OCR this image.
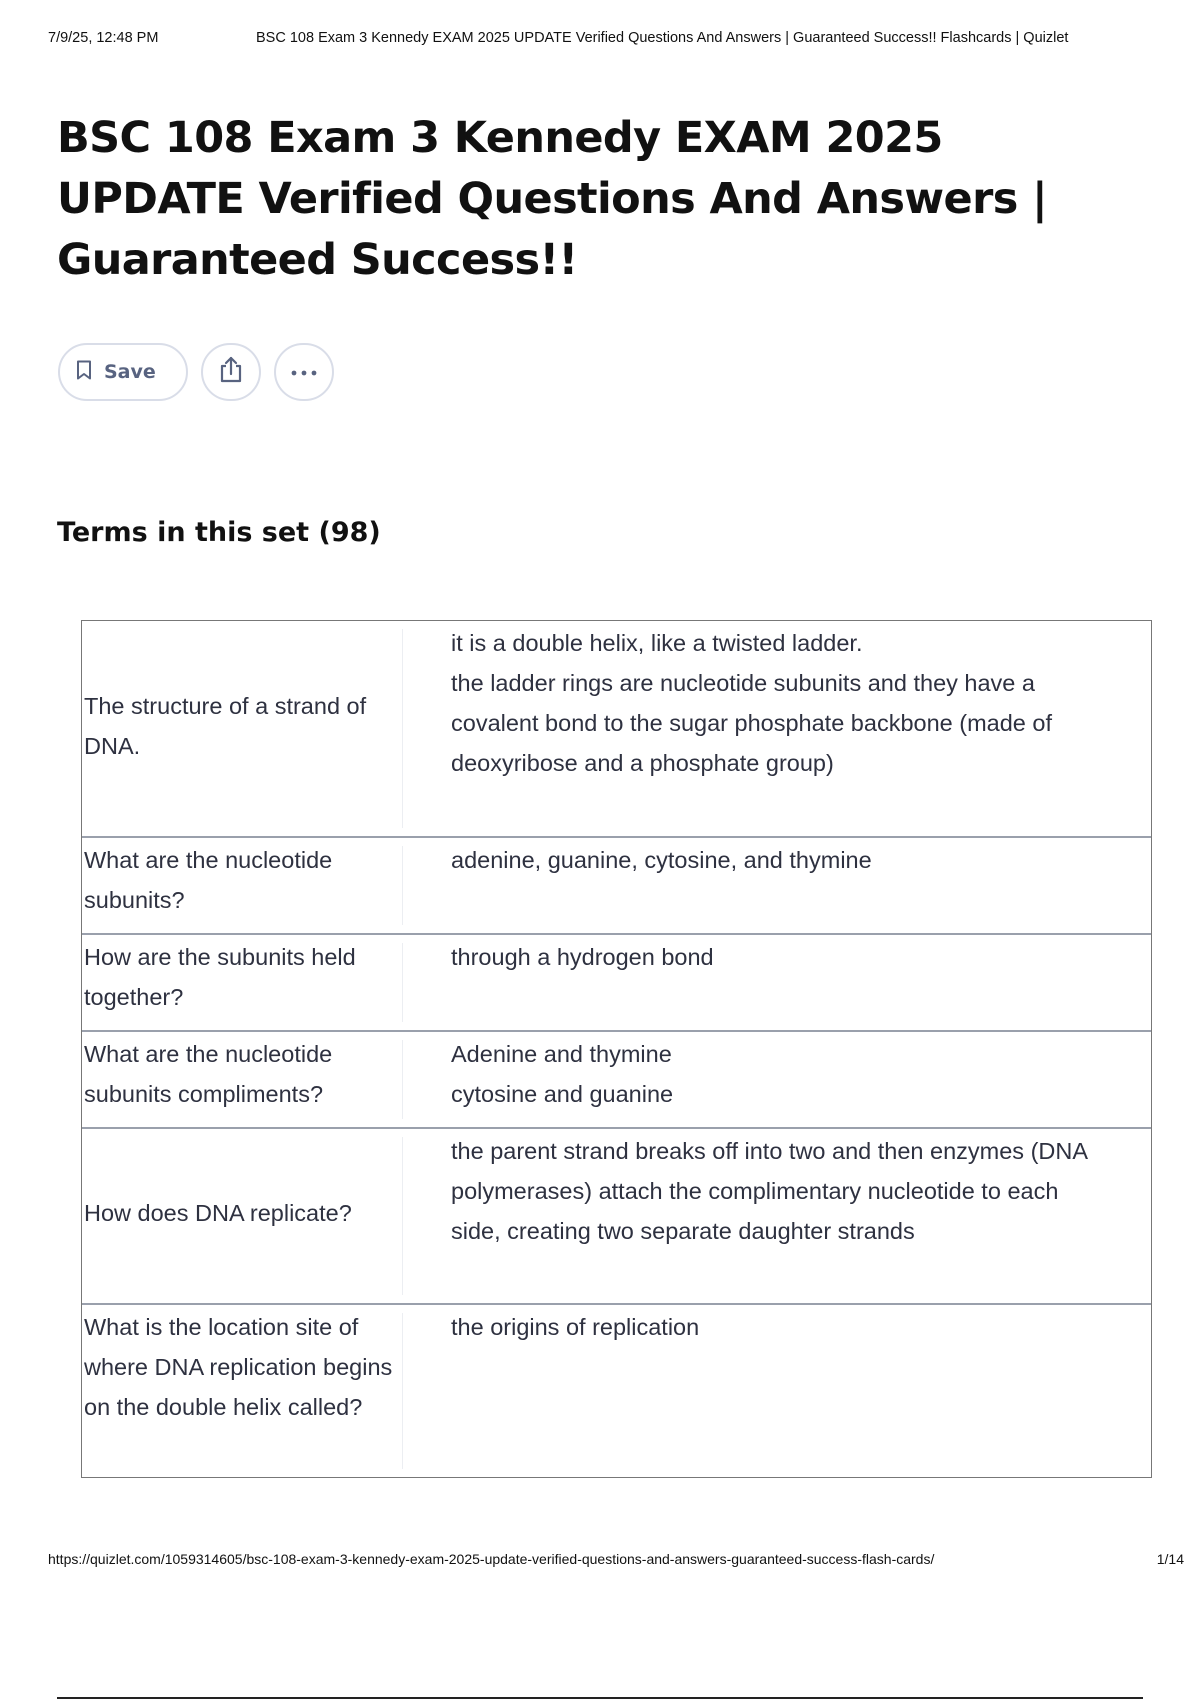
7/9/25, 12:48 PM	BSC 108 Exam 3 Kennedy EXAM 2025 UPDATE Verified Questions And Answers | Guaranteed Success!! Flashcards | Quizlet
BSC 108 Exam 3 Kennedy EXAM 2025 UPDATE Verified Questions And Answers | Guaranteed Success!!
Save
Terms in this set (98)
The structure of a strand of DNA.
it is a double helix, like a twisted ladder.
the ladder rings are nucleotide subunits and they have a covalent bond to the sugar phosphate backbone (made of deoxyribose and a phosphate group)
What are the nucleotide subunits?
adenine, guanine, cytosine, and thymine
How are the subunits held together?
through a hydrogen bond
What are the nucleotide subunits compliments?
Adenine and thymine
cytosine and guanine
How does DNA replicate?
the parent strand breaks off into two and then enzymes (DNA polymerases) attach the complimentary nucleotide to each side, creating two separate daughter strands
What is the location site of where DNA replication begins on the double helix called?
the origins of replication
https://quizlet.com/1059314605/bsc-108-exam-3-kennedy-exam-2025-update-verified-questions-and-answers-guaranteed-success-flash-cards/	1/14
